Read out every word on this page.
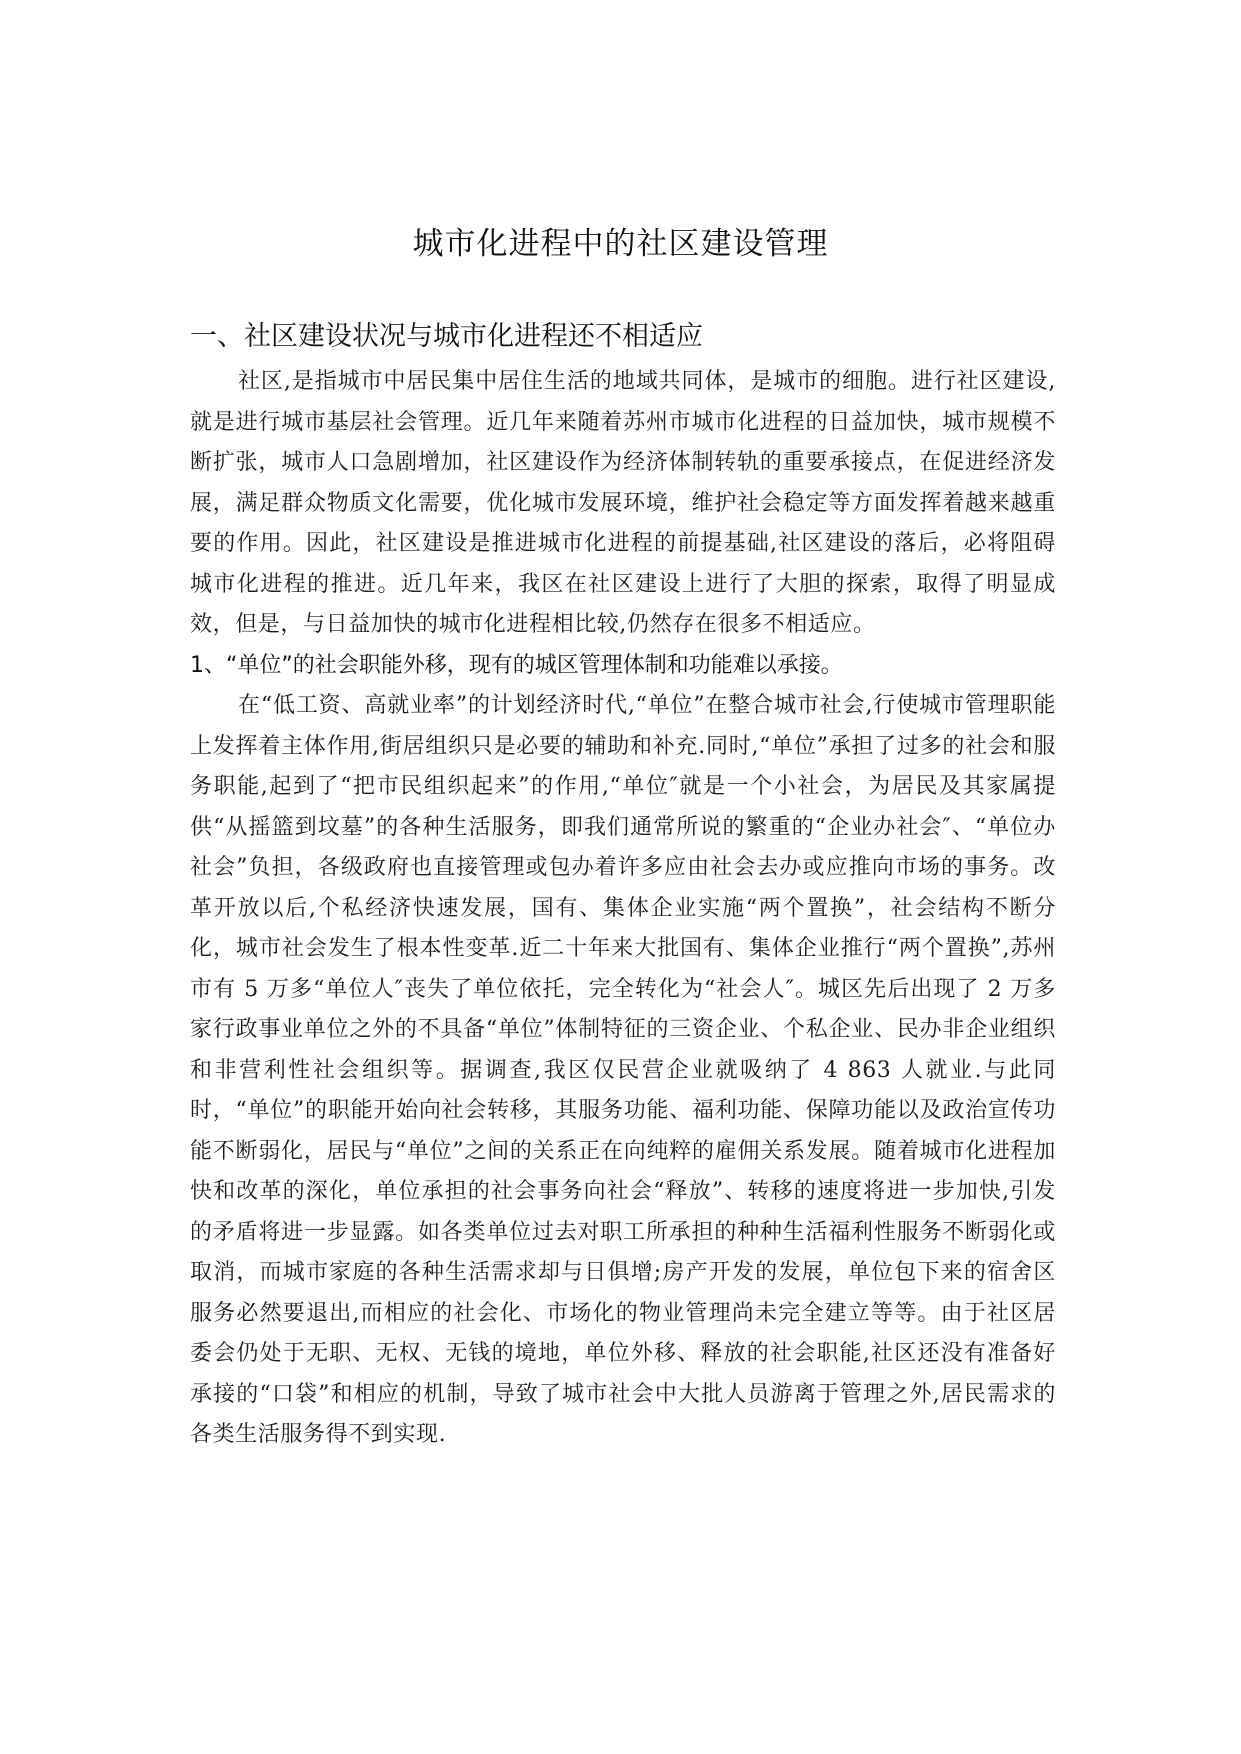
城市化进程中的社区建设管理
一、社区建设状况与城市化进程还不相适应

社区,是指城市中居民集中居住生活的地域共同体，是城市的细胞。进行社区建设,就是进行城市基层社会管理。近几年来随着苏州市城市化进程的日益加快，城市规模不断扩张，城市人口急剧增加，社区建设作为经济体制转轨的重要承接点，在促进经济发展，满足群众物质文化需要，优化城市发展环境，维护社会稳定等方面发挥着越来越重要的作用。因此，社区建设是推进城市化进程的前提基础,社区建设的落后，必将阻碍城市化进程的推进。近几年来，我区在社区建设上进行了大胆的探索，取得了明显成效，但是，与日益加快的城市化进程相比较,仍然存在很多不相适应。

1、“单位”的社会职能外移，现有的城区管理体制和功能难以承接。

在“低工资、高就业率”的计划经济时代,“单位”在整合城市社会,行使城市管理职能上发挥着主体作用,街居组织只是必要的辅助和补充.同时,“单位”承担了过多的社会和服务职能,起到了“把市民组织起来”的作用,“单位″就是一个小社会，为居民及其家属提供“从摇篮到坟墓”的各种生活服务，即我们通常所说的繁重的“企业办社会″、“单位办社会”负担，各级政府也直接管理或包办着许多应由社会去办或应推向市场的事务。改革开放以后,个私经济快速发展，国有、集体企业实施“两个置换”，社会结构不断分化，城市社会发生了根本性变革.近二十年来大批国有、集体企业推行“两个置换”,苏州市有 5 万多“单位人″丧失了单位依托，完全转化为“社会人″。城区先后出现了 2 万多家行政事业单位之外的不具备“单位”体制特征的三资企业、个私企业、民办非企业组织和非营利性社会组织等。据调查,我区仅民营企业就吸纳了 4 863 人就业.与此同时，“单位”的职能开始向社会转移，其服务功能、福利功能、保障功能以及政治宣传功能不断弱化，居民与“单位”之间的关系正在向纯粹的雇佣关系发展。随着城市化进程加快和改革的深化，单位承担的社会事务向社会“释放”、转移的速度将进一步加快,引发的矛盾将进一步显露。如各类单位过去对职工所承担的种种生活福利性服务不断弱化或取消，而城市家庭的各种生活需求却与日俱增;房产开发的发展，单位包下来的宿舍区服务必然要退出,而相应的社会化、市场化的物业管理尚未完全建立等等。由于社区居委会仍处于无职、无权、无钱的境地，单位外移、释放的社会职能,社区还没有准备好承接的“口袋”和相应的机制，导致了城市社会中大批人员游离于管理之外,居民需求的各类生活服务得不到实现.
